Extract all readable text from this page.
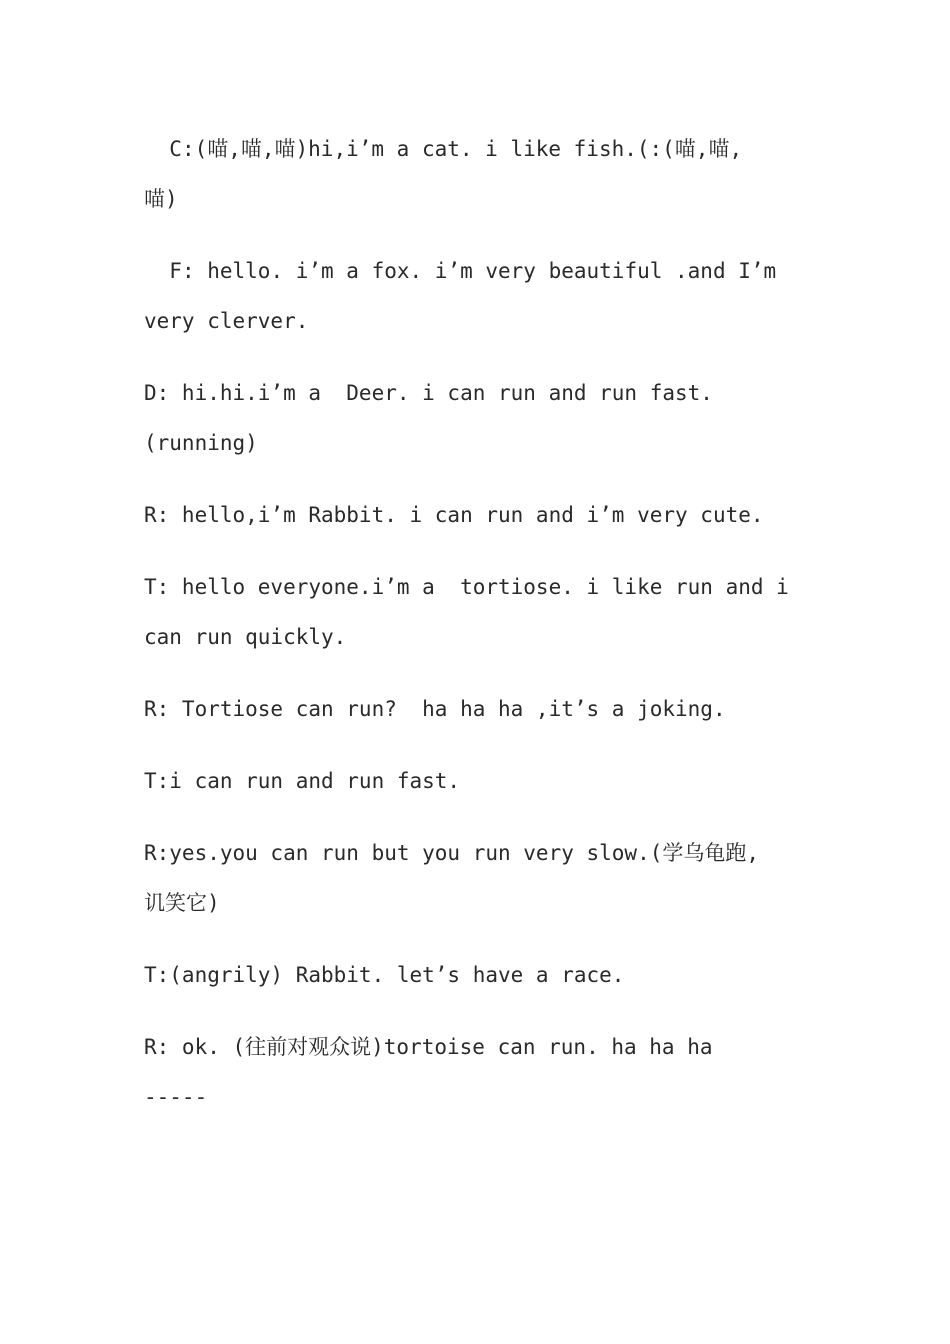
C:(喵,喵,喵)hi,i’m a cat. i like fish.(:(喵,喵,
喵)

F: hello. i’m a fox. i’m very beautiful .and I’m
very clerver.

D: hi.hi.i’m a  Deer. i can run and run fast.
(running)

R: hello,i’m Rabbit. i can run and i’m very cute.

T: hello everyone.i’m a  tortiose. i like run and i
can run quickly.

R: Tortiose can run?  ha ha ha ,it’s a joking.

T:i can run and run fast.

R:yes.you can run but you run very slow.(学乌龟跑,
讥笑它)

T:(angrily) Rabbit. let’s have a race.

R: ok. (往前对观众说)tortoise can run. ha ha ha
-----
